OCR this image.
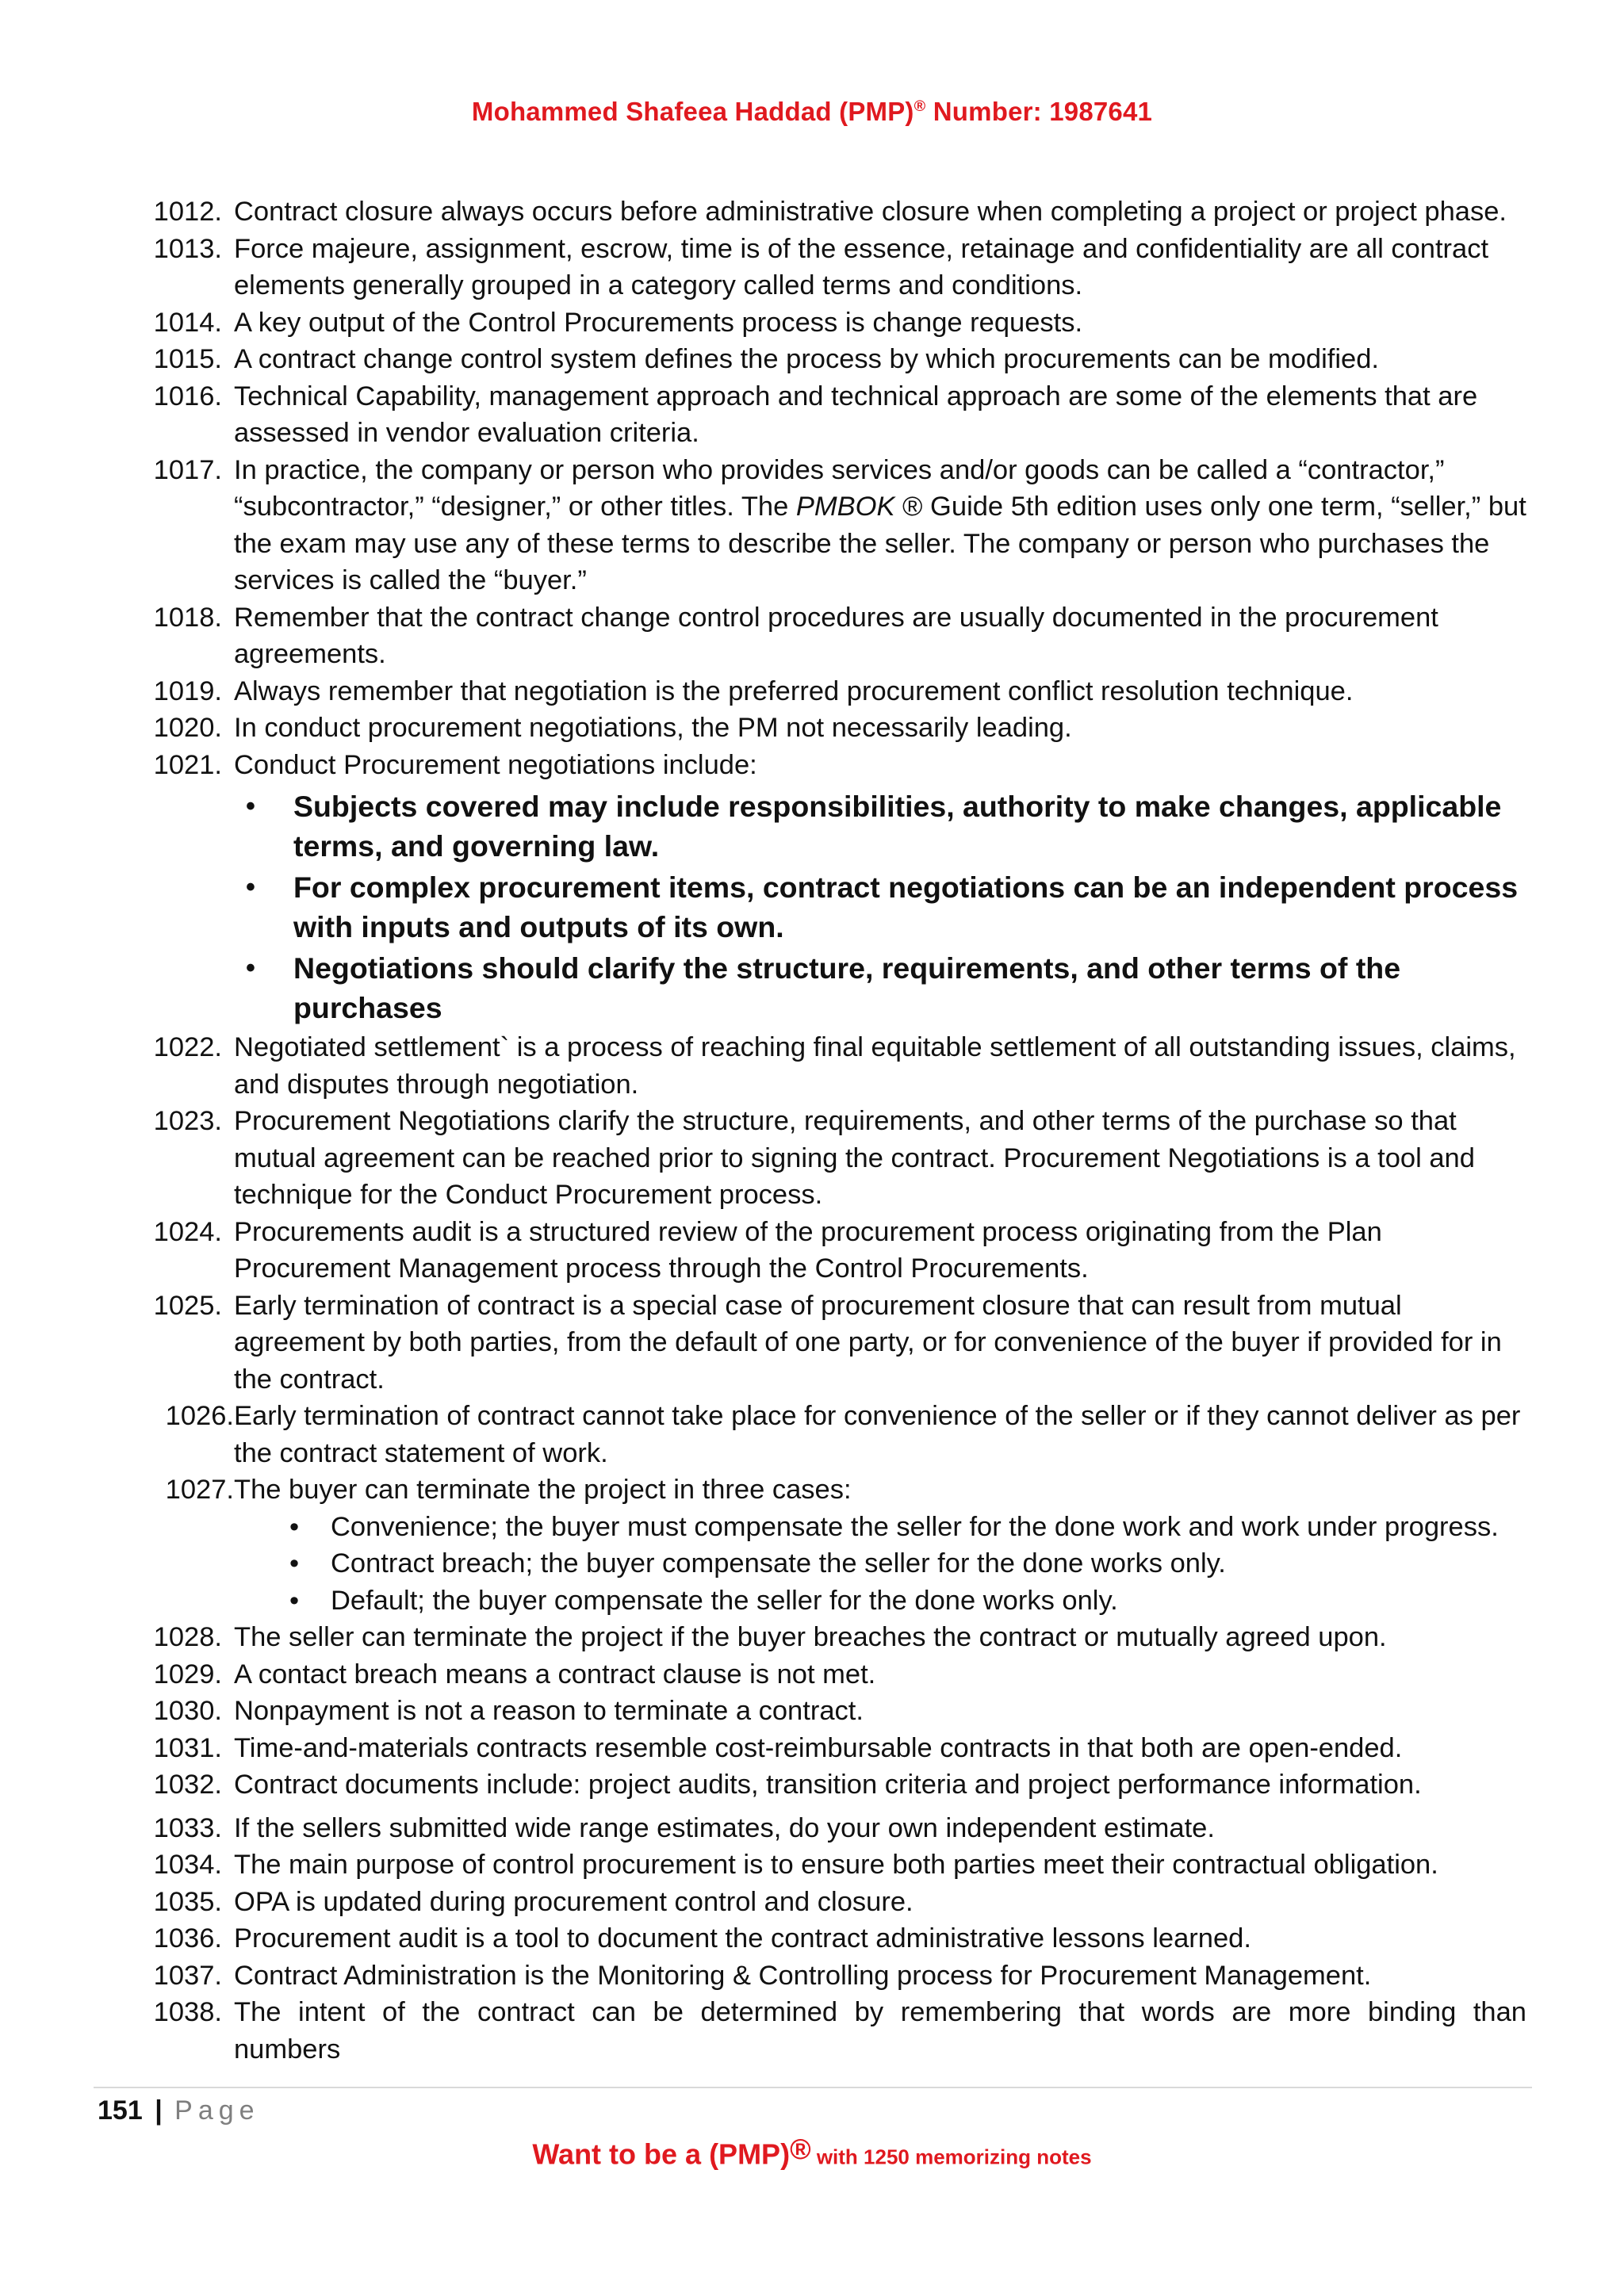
Mohammed Shafeea Haddad (PMP)® Number: 1987641
1012. Contract closure always occurs before administrative closure when completing a project or project phase.
1013. Force majeure, assignment, escrow, time is of the essence, retainage and confidentiality are all contract elements generally grouped in a category called terms and conditions.
1014. A key output of the Control Procurements process is change requests.
1015. A contract change control system defines the process by which procurements can be modified.
1016. Technical Capability, management approach and technical approach are some of the elements that are assessed in vendor evaluation criteria.
1017. In practice, the company or person who provides services and/or goods can be called a “contractor,” “subcontractor,” “designer,” or other titles. The PMBOK ® Guide 5th edition uses only one term, “seller,” but the exam may use any of these terms to describe the seller. The company or person who purchases the services is called the “buyer.”
1018. Remember that the contract change control procedures are usually documented in the procurement agreements.
1019. Always remember that negotiation is the preferred procurement conflict resolution technique.
1020. In conduct procurement negotiations, the PM not necessarily leading.
1021. Conduct Procurement negotiations include:
• Subjects covered may include responsibilities, authority to make changes, applicable terms, and governing law.
• For complex procurement items, contract negotiations can be an independent process with inputs and outputs of its own.
• Negotiations should clarify the structure, requirements, and other terms of the purchases
1022. Negotiated settlement` is a process of reaching final equitable settlement of all outstanding issues, claims, and disputes through negotiation.
1023. Procurement Negotiations clarify the structure, requirements, and other terms of the purchase so that mutual agreement can be reached prior to signing the contract. Procurement Negotiations is a tool and technique for the Conduct Procurement process.
1024. Procurements audit is a structured review of the procurement process originating from the Plan Procurement Management process through the Control Procurements.
1025. Early termination of contract is a special case of procurement closure that can result from mutual agreement by both parties, from the default of one party, or for convenience of the buyer if provided for in the contract.
1026. Early termination of contract cannot take place for convenience of the seller or if they cannot deliver as per the contract statement of work.
1027. The buyer can terminate the project in three cases:
• Convenience; the buyer must compensate the seller for the done work and work under progress.
• Contract breach; the buyer compensate the seller for the done works only.
• Default; the buyer compensate the seller for the done works only.
1028. The seller can terminate the project if the buyer breaches the contract or mutually agreed upon.
1029. A contact breach means a contract clause is not met.
1030. Nonpayment is not a reason to terminate a contract.
1031. Time-and-materials contracts resemble cost-reimbursable contracts in that both are open-ended.
1032. Contract documents include: project audits, transition criteria and project performance information.
1033. If the sellers submitted wide range estimates, do your own independent estimate.
1034. The main purpose of control procurement is to ensure both parties meet their contractual obligation.
1035. OPA is updated during procurement control and closure.
1036. Procurement audit is a tool to document the contract administrative lessons learned.
1037. Contract Administration is the Monitoring & Controlling process for Procurement Management.
1038. The intent of the contract can be determined by remembering that words are more binding than
numbers
151 | Page
Want to be a (PMP)® with 1250 memorizing notes
